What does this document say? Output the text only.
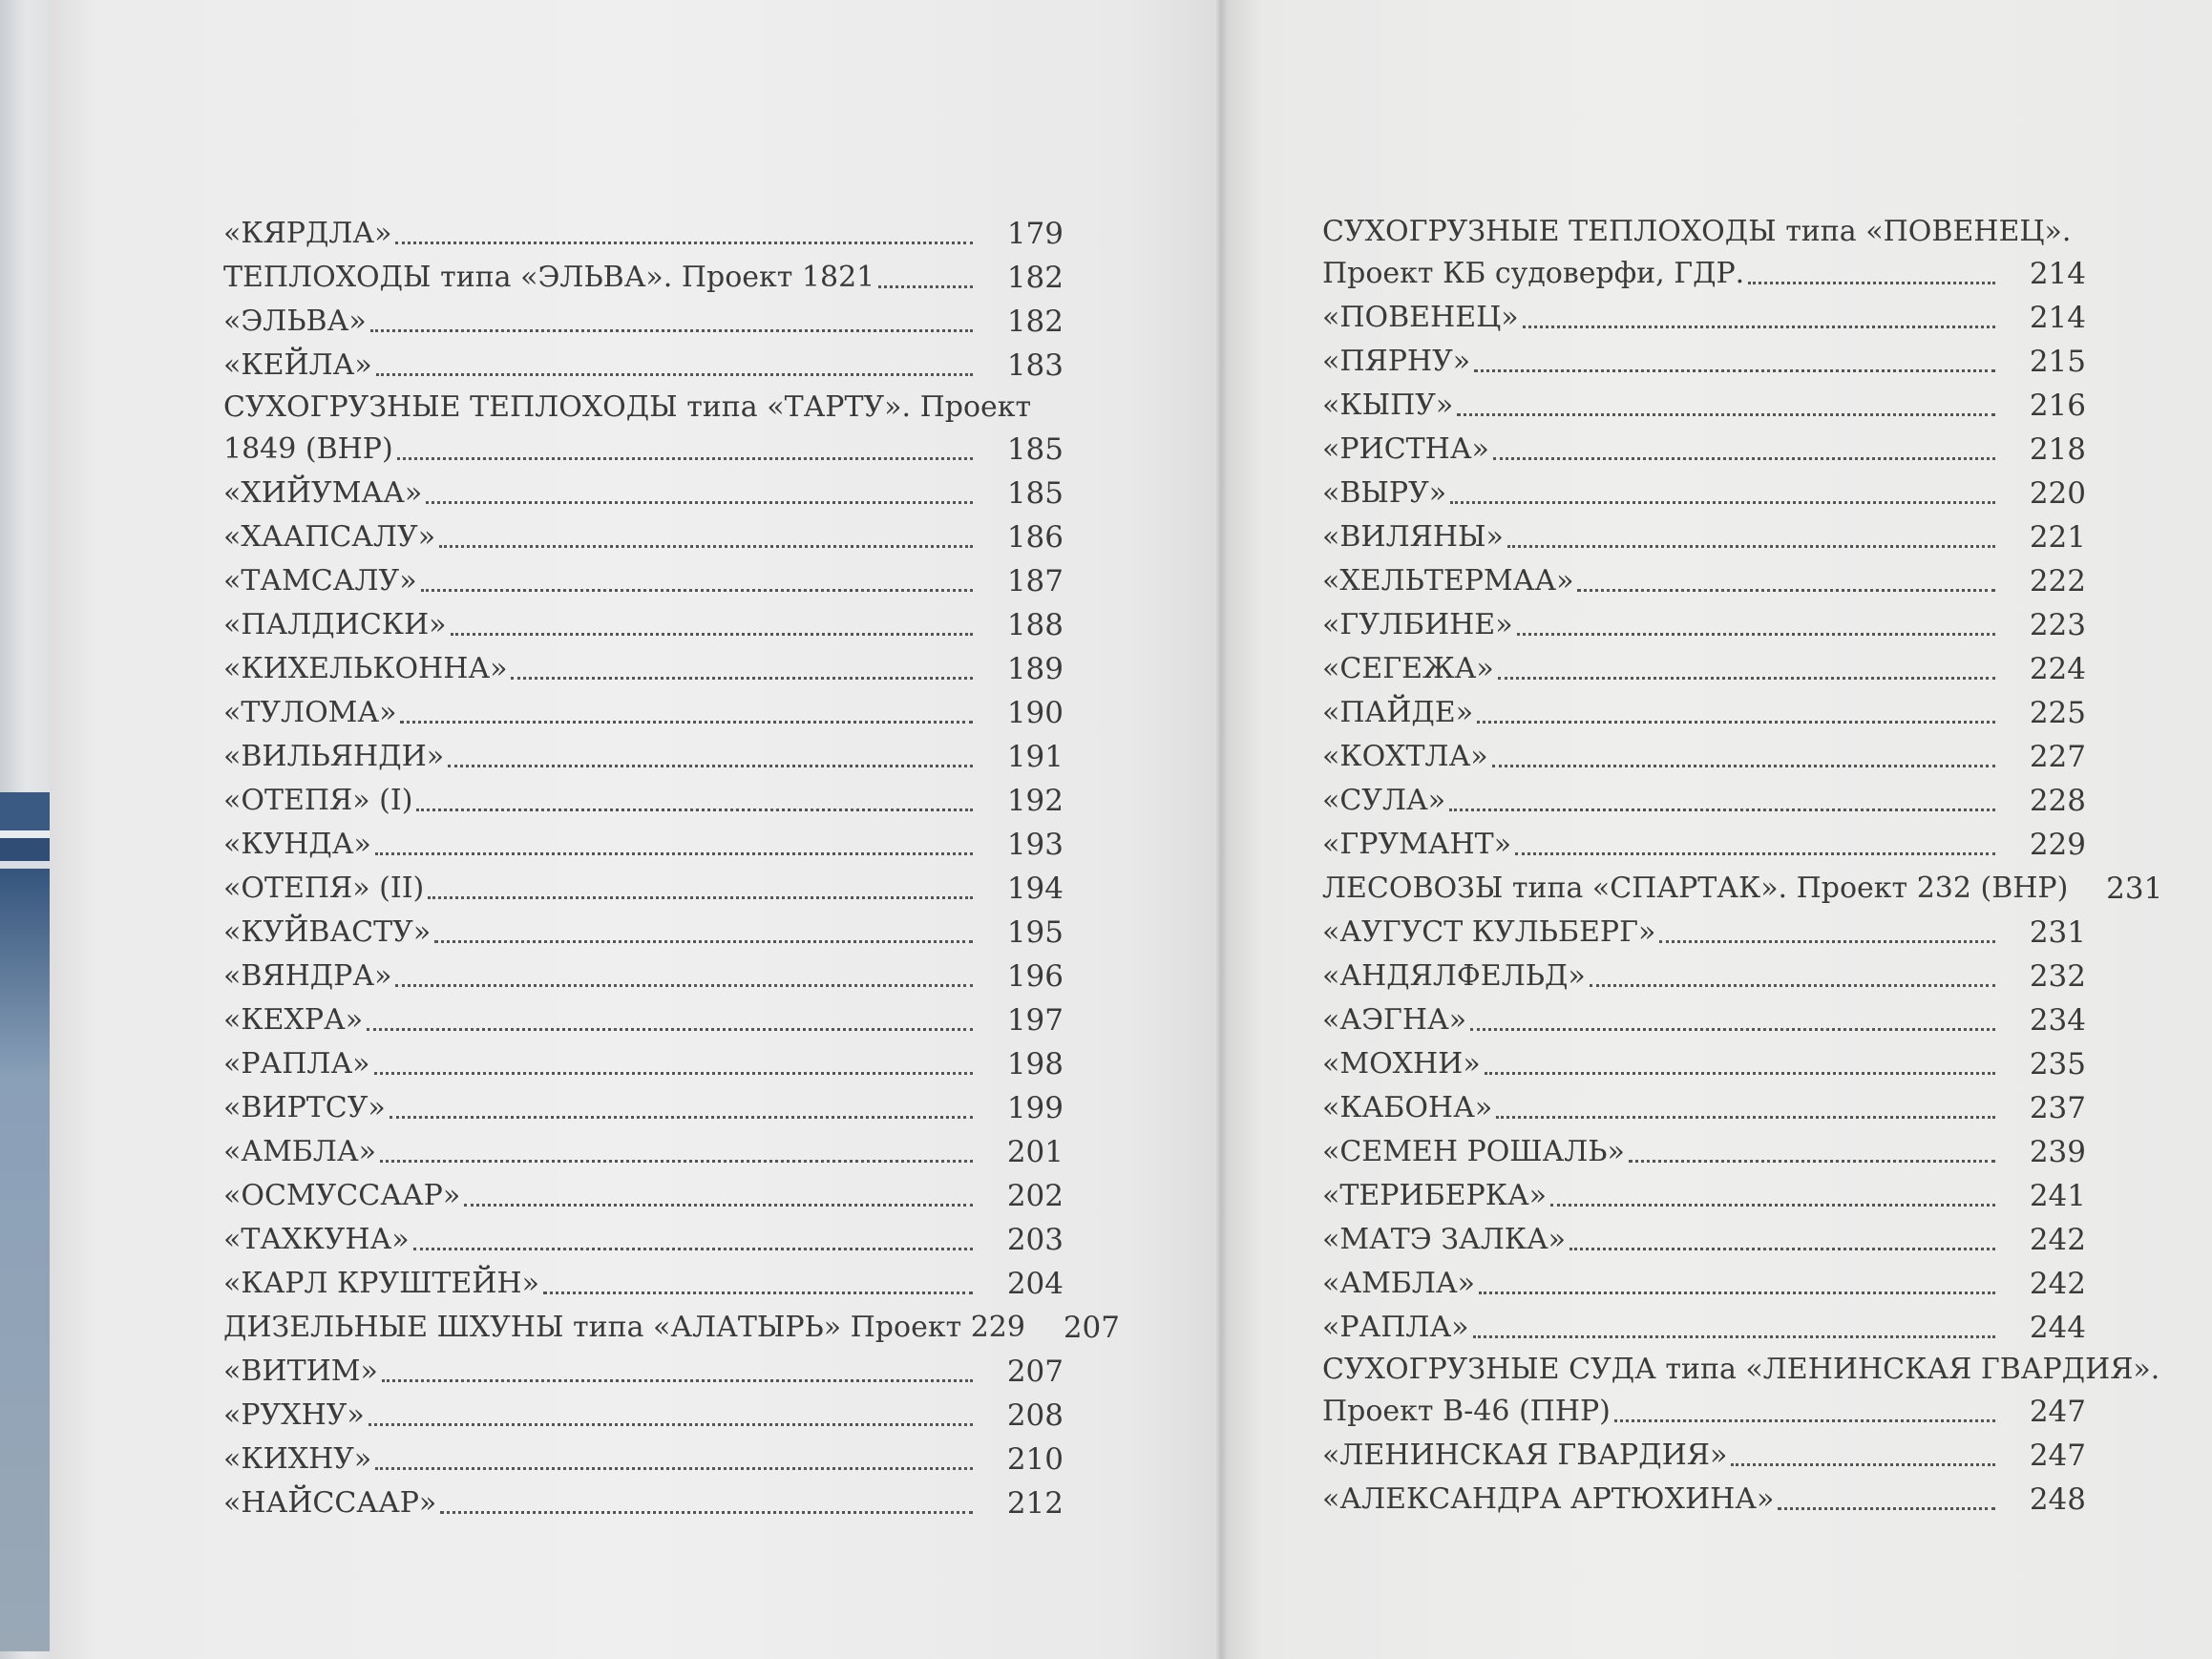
«КЯРДЛА»	179
ТЕПЛОХОДЫ типа «ЭЛЬВА». Проект 1821	182
«ЭЛЬВА»	182
«КЕЙЛА»	183
СУХОГРУЗНЫЕ ТЕПЛОХОДЫ типа «ТАРТУ». Проект
1849 (ВНР)	185
«ХИЙУМАА»	185
«ХААПСАЛУ»	186
«ТАМСАЛУ»	187
«ПАЛДИСКИ»	188
«КИХЕЛЬКОННА»	189
«ТУЛОМА»	190
«ВИЛЬЯНДИ»	191
«ОТЕПЯ» (I)	192
«КУНДА»	193
«ОТЕПЯ» (II)	194
«КУЙВАСТУ»	195
«ВЯНДРА»	196
«КЕХРА»	197
«РАПЛА»	198
«ВИРТСУ»	199
«АМБЛА»	201
«ОСМУССААР»	202
«ТАХКУНА»	203
«КАРЛ КРУШТЕЙН»	204
ДИЗЕЛЬНЫЕ ШХУНЫ типа «АЛАТЫРЬ» Проект 229	207
«ВИТИМ»	207
«РУХНУ»	208
«КИХНУ»	210
«НАЙССААР»	212
СУХОГРУЗНЫЕ ТЕПЛОХОДЫ типа «ПОВЕНЕЦ».
Проект КБ судоверфи, ГДР.	214
«ПОВЕНЕЦ»	214
«ПЯРНУ»	215
«КЫПУ»	216
«РИСТНА»	218
«ВЫРУ»	220
«ВИЛЯНЫ»	221
«ХЕЛЬТЕРМАА»	222
«ГУЛБИНЕ»	223
«СЕГЕЖА»	224
«ПАЙДЕ»	225
«КОХТЛА»	227
«СУЛА»	228
«ГРУМАНТ»	229
ЛЕСОВОЗЫ типа «СПАРТАК». Проект 232 (ВНР)	231
«АУГУСТ КУЛЬБЕРГ»	231
«АНДЯЛФЕЛЬД»	232
«АЭГНА»	234
«МОХНИ»	235
«КАБОНА»	237
«СЕМЕН РОШАЛЬ»	239
«ТЕРИБЕРКА»	241
«МАТЭ ЗАЛКА»	242
«АМБЛА»	242
«РАПЛА»	244
СУХОГРУЗНЫЕ СУДА типа «ЛЕНИНСКАЯ ГВАРДИЯ».
Проект В-46 (ПНР)	247
«ЛЕНИНСКАЯ ГВАРДИЯ»	247
«АЛЕКСАНДРА АРТЮХИНА»	248
